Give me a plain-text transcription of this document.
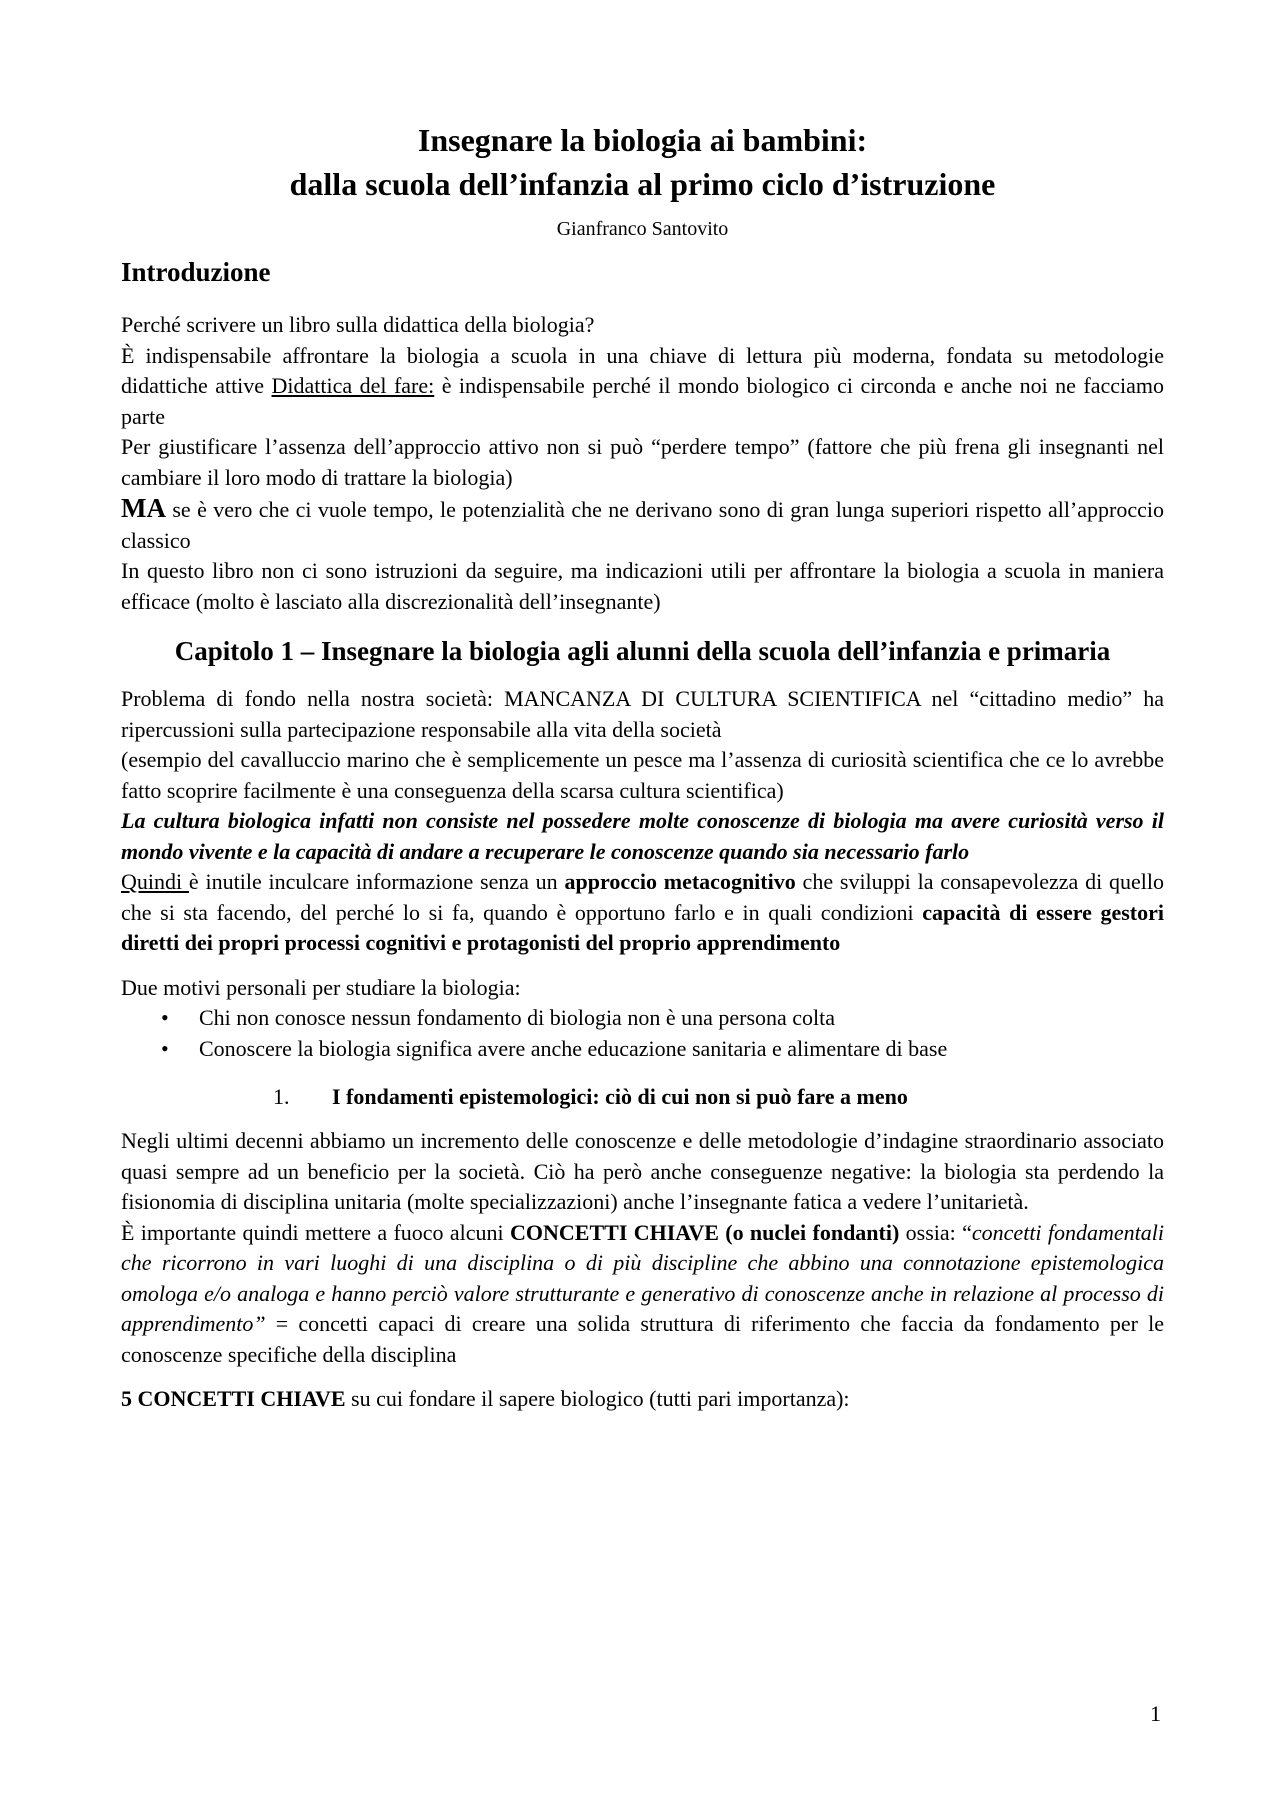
Insegnare la biologia ai bambini:
dalla scuola dell’infanzia al primo ciclo d’istruzione
Gianfranco Santovito
Introduzione

Perché scrivere un libro sulla didattica della biologia?

È indispensabile affrontare la biologia a scuola in una chiave di lettura più moderna, fondata su metodologie didattiche attive Didattica del fare: è indispensabile perché il mondo biologico ci circonda e anche noi ne facciamo parte

Per giustificare l’assenza dell’approccio attivo non si può “perdere tempo” (fattore che più frena gli insegnanti nel cambiare il loro modo di trattare la biologia)

MA se è vero che ci vuole tempo, le potenzialità che ne derivano sono di gran lunga superiori rispetto all’approccio classico

In questo libro non ci sono istruzioni da seguire, ma indicazioni utili per affrontare la biologia a scuola in maniera efficace (molto è lasciato alla discrezionalità dell’insegnante)

Capitolo 1 – Insegnare la biologia agli alunni della scuola dell’infanzia e primaria

Problema di fondo nella nostra società: MANCANZA DI CULTURA SCIENTIFICA nel “cittadino medio” ha ripercussioni sulla partecipazione responsabile alla vita della società

(esempio del cavalluccio marino che è semplicemente un pesce ma l’assenza di curiosità scientifica che ce lo avrebbe fatto scoprire facilmente è una conseguenza della scarsa cultura scientifica)

La cultura biologica infatti non consiste nel possedere molte conoscenze di biologia ma avere curiosità verso il mondo vivente e la capacità di andare a recuperare le conoscenze quando sia necessario farlo

Quindi è inutile inculcare informazione senza un approccio metacognitivo che sviluppi la consapevolezza di quello che si sta facendo, del perché lo si fa, quando è opportuno farlo e in quali condizioni capacità di essere gestori diretti dei propri processi cognitivi e protagonisti del proprio apprendimento

Due motivi personali per studiare la biologia:

• Chi non conosce nessun fondamento di biologia non è una persona colta
• Conoscere la biologia significa avere anche educazione sanitaria e alimentare di base
1. I fondamenti epistemologici: ciò di cui non si può fare a meno

Negli ultimi decenni abbiamo un incremento delle conoscenze e delle metodologie d’indagine straordinario associato quasi sempre ad un beneficio per la società. Ciò ha però anche conseguenze negative: la biologia sta perdendo la fisionomia di disciplina unitaria (molte specializzazioni) anche l’insegnante fatica a vedere l’unitarietà.

È importante quindi mettere a fuoco alcuni CONCETTI CHIAVE (o nuclei fondanti) ossia: “concetti fondamentali che ricorrono in vari luoghi di una disciplina o di più discipline che abbino una connotazione epistemologica omologa e/o analoga e hanno perciò valore strutturante e generativo di conoscenze anche in relazione al processo di apprendimento” = concetti capaci di creare una solida struttura di riferimento che faccia da fondamento per le conoscenze specifiche della disciplina

5 CONCETTI CHIAVE su cui fondare il sapere biologico (tutti pari importanza):

1
